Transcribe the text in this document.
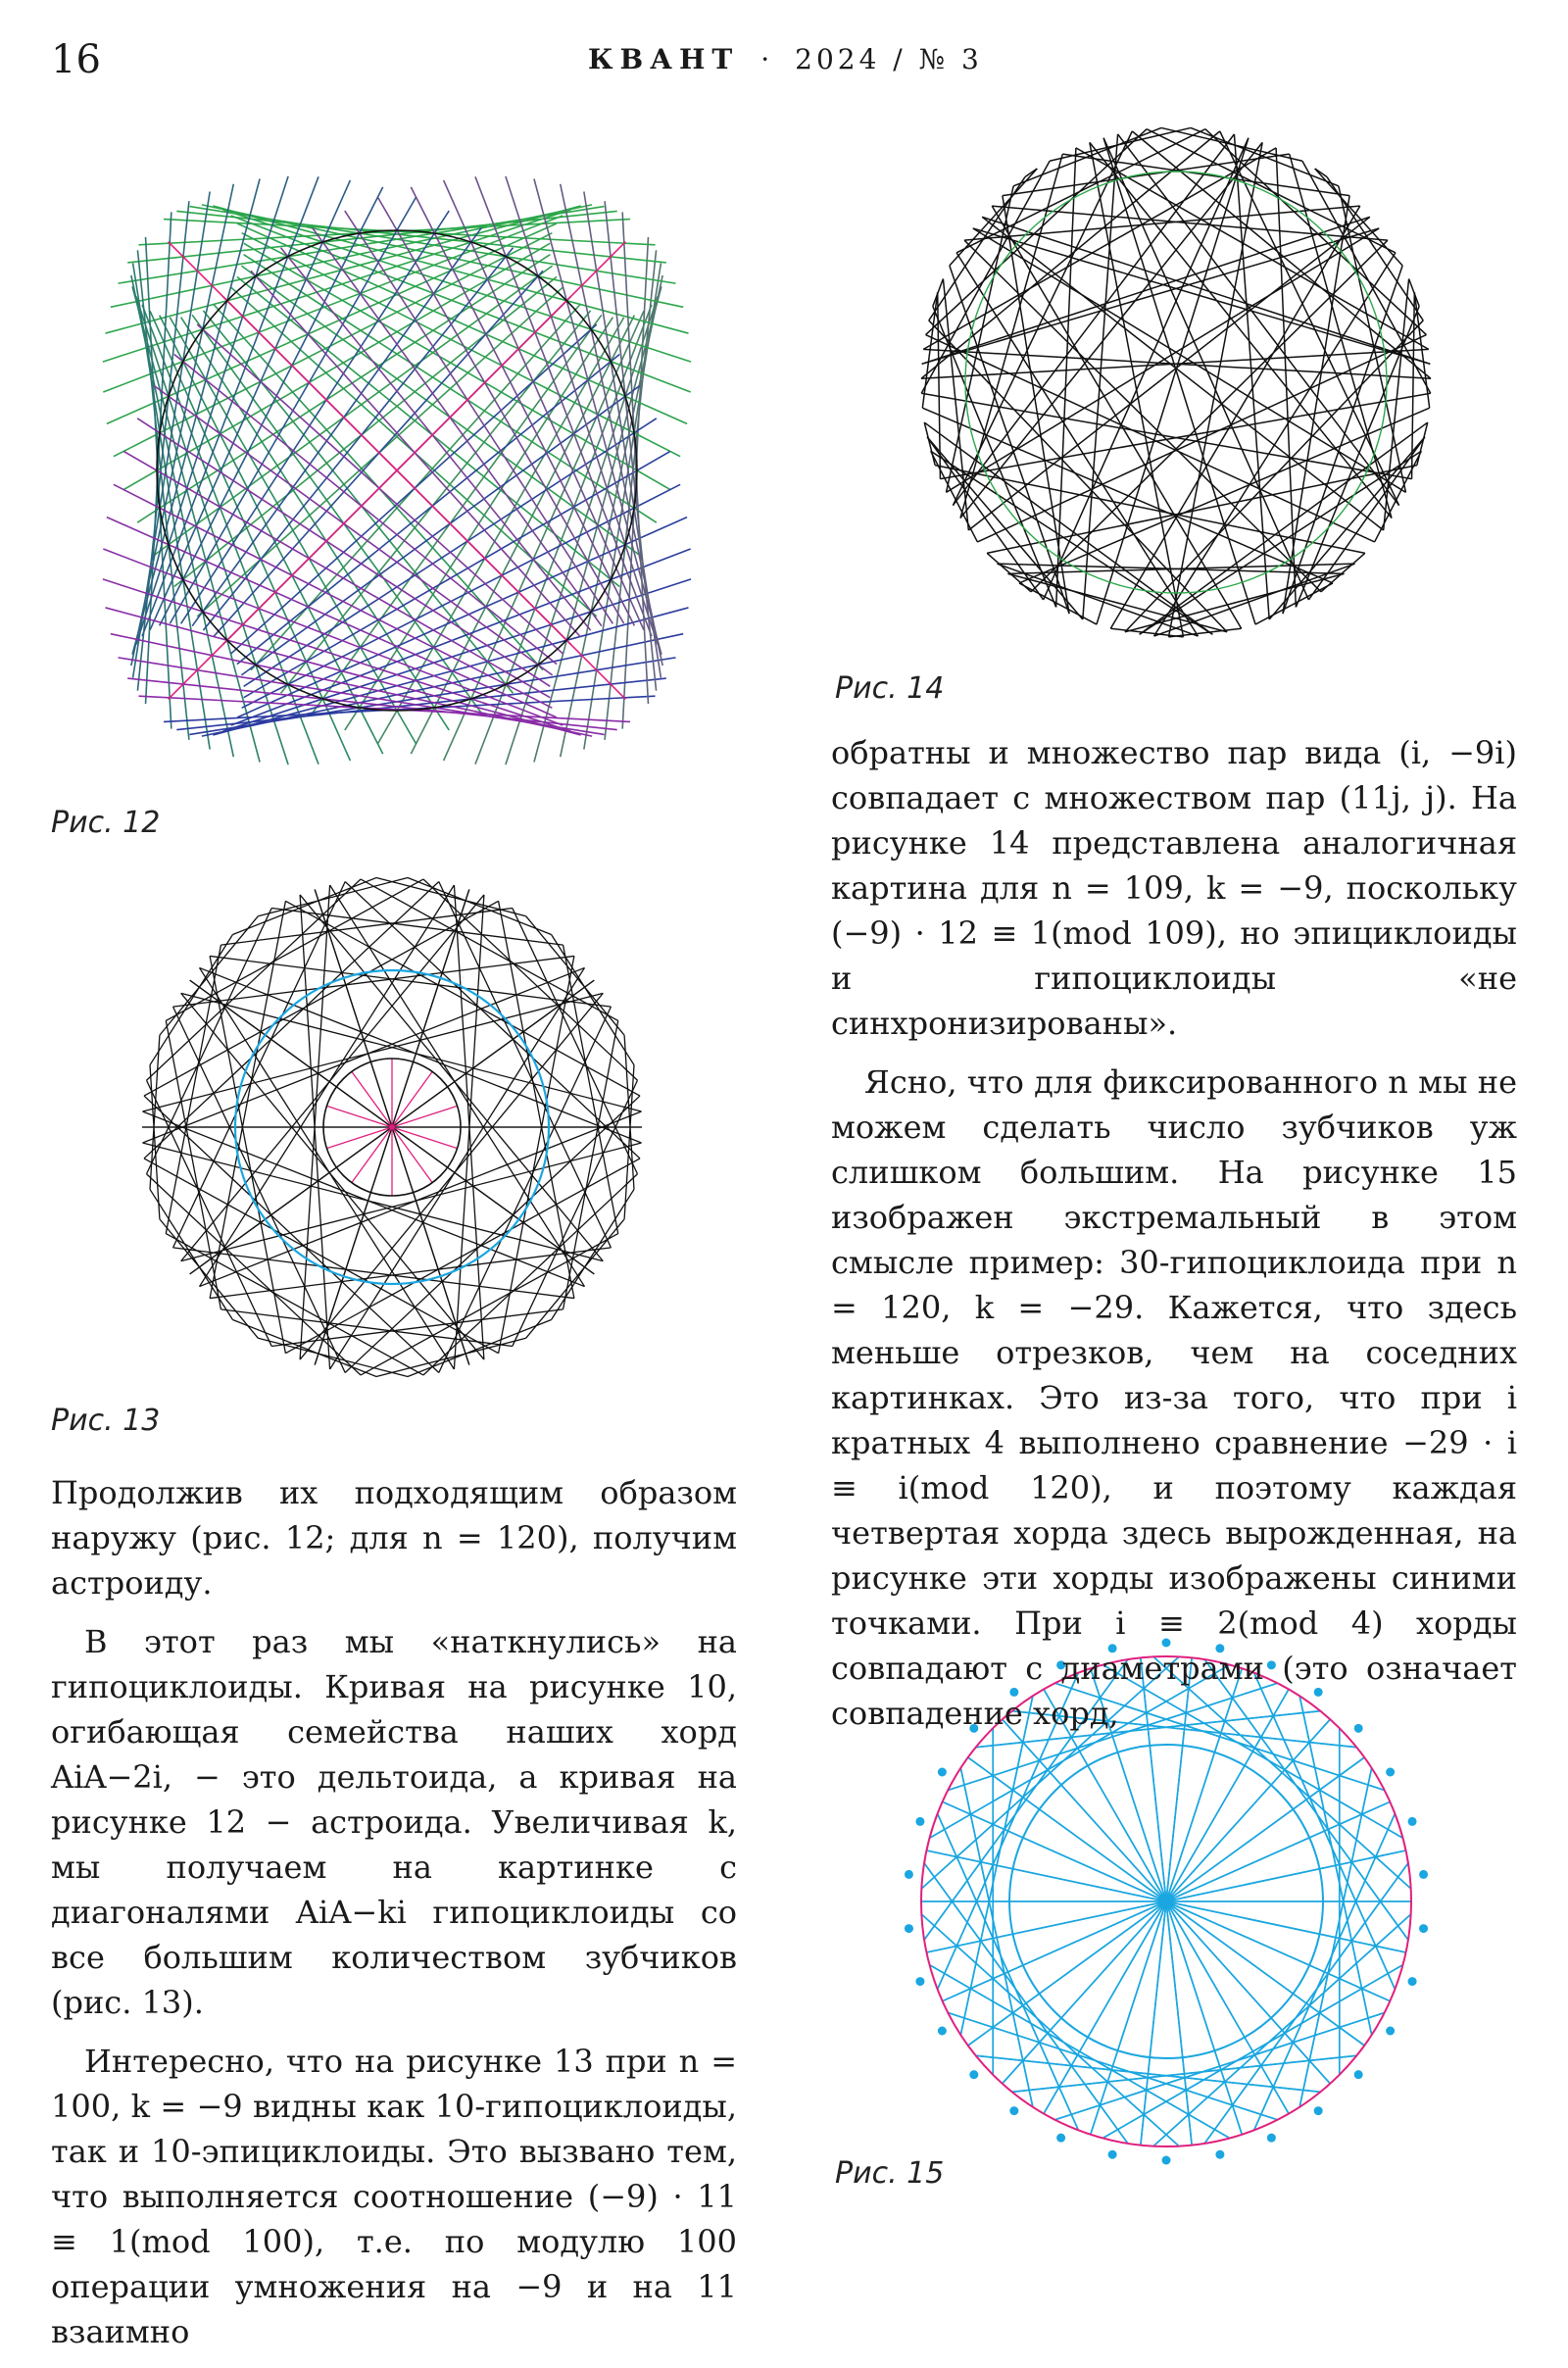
16	КВАНТ · 2024 / № 3
Рис. 12
Рис. 13
Рис. 14
Рис. 15

Продолжив их подходящим образом наружу (рис. 12; для n = 120), получим астроиду.

В этот раз мы «наткнулись» на гипоциклоиды. Кривая на рисунке 10, огибающая семейства наших хорд AiA−2i, − это дельтоида, а кривая на рисунке 12 − астроида. Увеличивая k, мы получаем на картинке с диагоналями AiA−ki гипоциклоиды со все большим количеством зубчиков (рис. 13).

Интересно, что на рисунке 13 при n = 100, k = −9 видны как 10-гипоциклоиды, так и 10-эпициклоиды. Это вызвано тем, что выполняется соотношение (−9) · 11 ≡ 1(mod 100), т.е. по модулю 100 операции умножения на −9 и на 11 взаимно

обратны и множество пар вида (i, −9i) совпадает с множеством пар (11j, j). На рисунке 14 представлена аналогичная картина для n = 109, k = −9, поскольку (−9) · 12 ≡ 1(mod 109), но эпициклоиды и гипоциклоиды «не синхронизированы».

Ясно, что для фиксированного n мы не можем сделать число зубчиков уж слишком большим. На рисунке 15 изображен экстремальный в этом смысле пример: 30-гипоциклоида при n = 120, k = −29. Кажется, что здесь меньше отрезков, чем на соседних картинках. Это из-за того, что при i кратных 4 выполнено сравнение −29 · i ≡ i(mod 120), и поэтому каждая четвертая хорда здесь вырожденная, на рисунке эти хорды изображены синими точками. При i ≡ 2(mod 4) хорды совпадают с диаметрами (это означает совпадение хорд,
